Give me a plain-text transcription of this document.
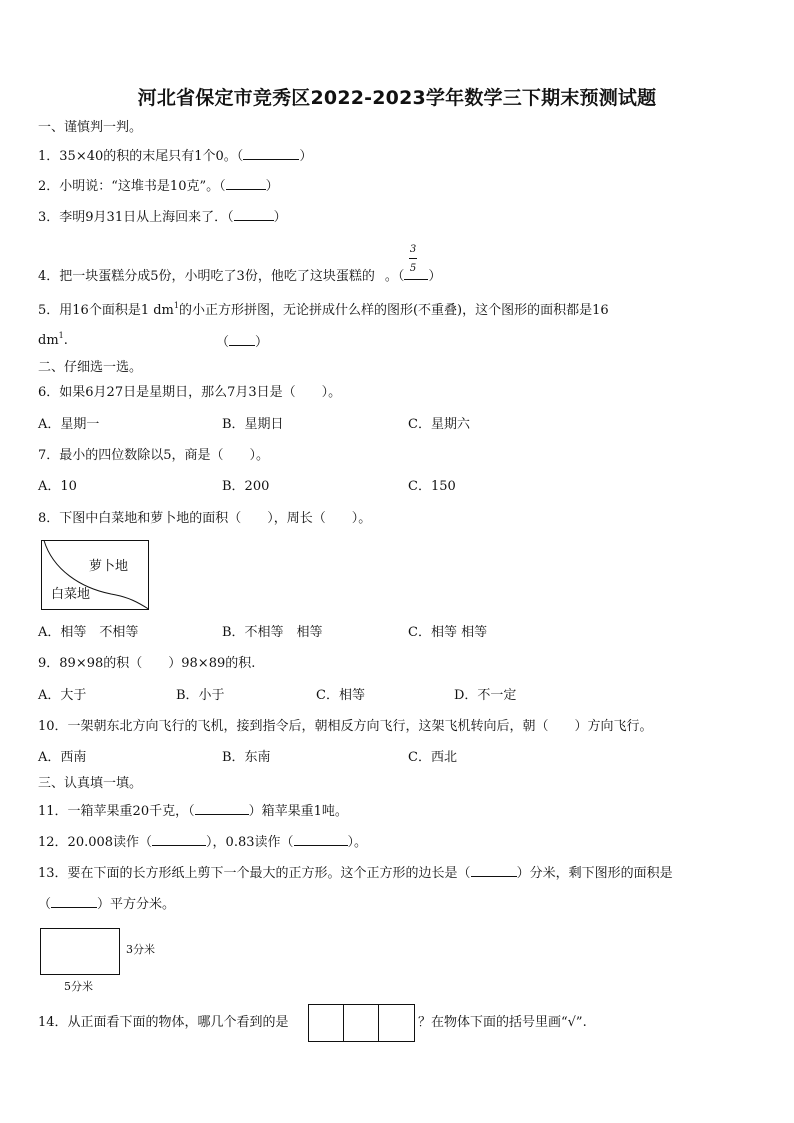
河北省保定市竞秀区2022-2023学年数学三下期末预测试题
一、谨慎判一判。
1．35×40的积的末尾只有1个0。（	）
2．小明说：“这堆书是10克”。（	）
3．李明9月31日从上海回来了．（	）
4．把一块蛋糕分成5份，小明吃了3份，他吃了这块蛋糕的 。（ ）
3
5
5．用16个面积是1 $dm^1$的小正方形拼图，无论拼成什么样的图形(不重叠)，这个图形的面积都是16
$dm^1$.	（ ）
二、仔细选一选。
6．如果6月27日是星期日，那么7月3日是（　　）。
A．星期一	B．星期日	C．星期六
7．最小的四位数除以5，商是（　　）。
A．10	B．200	C．150
8．下图中白菜地和萝卜地的面积（　　），周长（　　）。
萝卜地
白菜地
A．相等　不相等	B．不相等　相等	C．相等 相等
9．89×98的积（　　）98×89的积.
A．大于	B．小于	C．相等	D．不一定
10．一架朝东北方向飞行的飞机，接到指令后，朝相反方向飞行，这架飞机转向后，朝（　　）方向飞行。
A．西南	B．东南	C．西北
三、认真填一填。
11．一箱苹果重20千克，（	）箱苹果重1吨。
12．20.008读作（	），0.83读作（	）。
13．要在下面的长方形纸上剪下一个最大的正方形。这个正方形的边长是（	）分米，剩下图形的面积是
（	）平方分米。
3分米
5分米
14．从正面看下面的物体，哪几个看到的是	？在物体下面的括号里画“√”.
